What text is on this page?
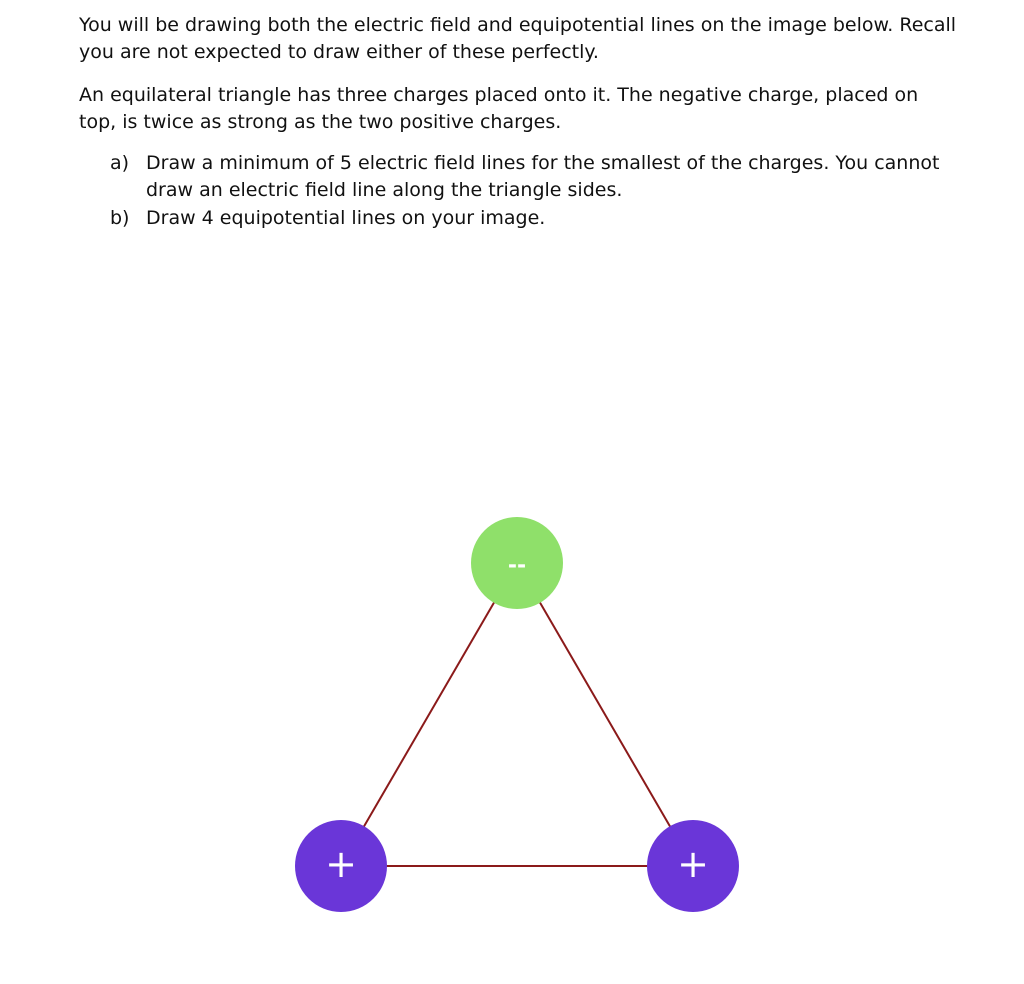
You will be drawing both the electric field and equipotential lines on the image below. Recall you are not expected to draw either of these perfectly.

An equilateral triangle has three charges placed onto it. The negative charge, placed on top, is twice as strong as the two positive charges.

a) Draw a minimum of 5 electric field lines for the smallest of the charges. You cannot draw an electric field line along the triangle sides.
b) Draw 4 equipotential lines on your image.
--
+	+
